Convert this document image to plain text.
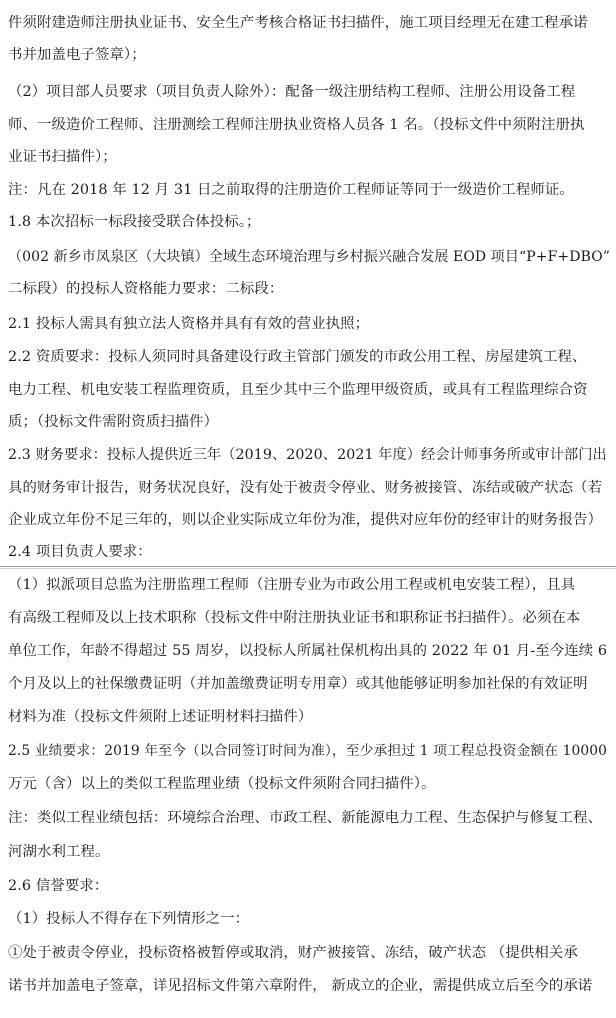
件须附建造师注册执业证书、安全生产考核合格证书扫描件，施工项目经理无在建工程承诺
书并加盖电子签章）；
（2）项目部人员要求（项目负责人除外）：配备一级注册结构工程师、注册公用设备工程
师、一级造价工程师、注册测绘工程师注册执业资格人员各 1 名。（投标文件中须附注册执
业证书扫描件）；
注：凡在 2018 年 12 月 31 日之前取得的注册造价工程师证等同于一级造价工程师证。
1.8 本次招标一标段接受联合体投标。；
（002 新乡市凤泉区（大块镇）全域生态环境治理与乡村振兴融合发展 EOD 项目“P+F+DBO”
二标段）的投标人资格能力要求：二标段：
2.1 投标人需具有独立法人资格并具有有效的营业执照；
2.2 资质要求：投标人须同时具备建设行政主管部门颁发的市政公用工程、房屋建筑工程、
电力工程、机电安装工程监理资质，且至少其中三个监理甲级资质，或具有工程监理综合资
质；（投标文件需附资质扫描件）
2.3 财务要求：投标人提供近三年（2019、2020、2021 年度）经会计师事务所或审计部门出
具的财务审计报告，财务状况良好，没有处于被责令停业、财务被接管、冻结或破产状态（若
企业成立年份不足三年的，则以企业实际成立年份为准，提供对应年份的经审计的财务报告）
2.4 项目负责人要求：
（1）拟派项目总监为注册监理工程师（注册专业为市政公用工程或机电安装工程），且具
有高级工程师及以上技术职称（投标文件中附注册执业证书和职称证书扫描件）。必须在本
单位工作，年龄不得超过 55 周岁，以投标人所属社保机构出具的 2022 年 01 月-至今连续 6
个月及以上的社保缴费证明（并加盖缴费证明专用章）或其他能够证明参加社保的有效证明
材料为准（投标文件须附上述证明材料扫描件）
2.5 业绩要求：2019 年至今（以合同签订时间为准），至少承担过 1 项工程总投资金额在 10000
万元（含）以上的类似工程监理业绩（投标文件须附合同扫描件）。
注：类似工程业绩包括：环境综合治理、市政工程、新能源电力工程、生态保护与修复工程、
河湖水利工程。
2.6 信誉要求：
（1）投标人不得存在下列情形之一：
①处于被责令停业，投标资格被暂停或取消，财产被接管、冻结，破产状态 （提供相关承
诺书并加盖电子签章，详见招标文件第六章附件， 新成立的企业，需提供成立后至今的承诺
